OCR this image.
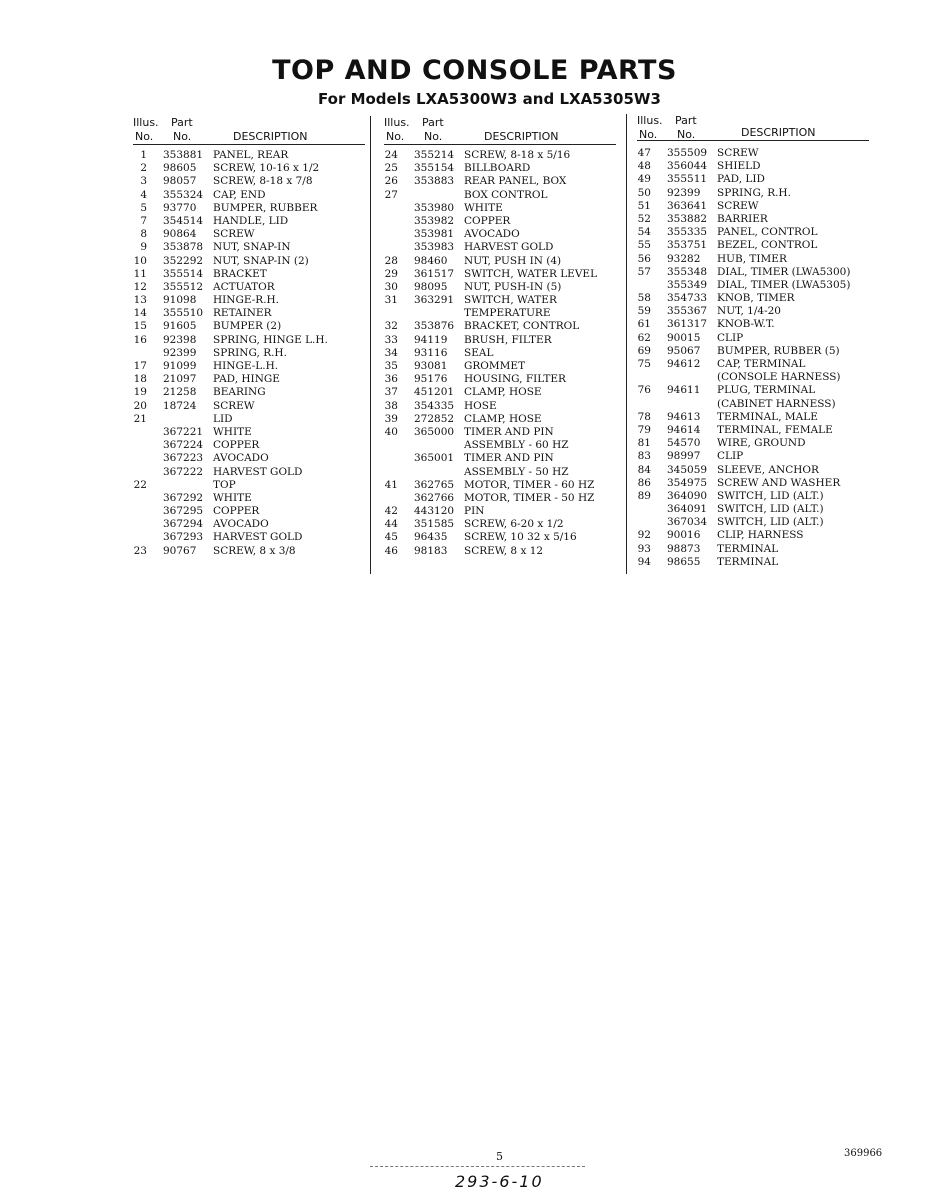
TOP AND CONSOLE PARTS
For Models LXA5300W3 and LXA5305W3
Illus. Part
No. No.	DESCRIPTION
1 353881 PANEL, REAR
2 98605 SCREW, 10-16 x 1/2
3 98057 SCREW, 8-18 x 7/8
4 355324 CAP, END
5 93770 BUMPER, RUBBER
7 354514 HANDLE, LID
8 90864 SCREW
9 353878 NUT, SNAP-IN
10 352292 NUT, SNAP-IN (2)
11 355514 BRACKET
12 355512 ACTUATOR
13 91098 HINGE-R.H.
14 355510 RETAINER
15 91605 BUMPER (2)
16 92398 SPRING, HINGE L.H.
92399 SPRING, R.H.
17 91099 HINGE-L.H.
18 21097 PAD, HINGE
19 21258 BEARING
20 18724 SCREW
21	LID
367221 WHITE
367224 COPPER
367223 AVOCADO
367222 HARVEST GOLD
22	TOP
367292 WHITE
367295 COPPER
367294 AVOCADO
367293 HARVEST GOLD
23 90767 SCREW, 8 x 3/8
Illus. Part
No. No.	DESCRIPTION
24 355214 SCREW, 8-18 x 5/16
25 355154 BILLBOARD
26 353883 REAR PANEL, BOX
27	BOX CONTROL
353980 WHITE
353982 COPPER
353981 AVOCADO
353983 HARVEST GOLD
28 98460 NUT, PUSH IN (4)
29 361517 SWITCH, WATER LEVEL
30 98095 NUT, PUSH-IN (5)
31 363291 SWITCH, WATER
TEMPERATURE
32 353876 BRACKET, CONTROL
33 94119 BRUSH, FILTER
34 93116 SEAL
35 93081 GROMMET
36 95176 HOUSING, FILTER
37 451201 CLAMP, HOSE
38 354335 HOSE
39 272852 CLAMP, HOSE
40 365000 TIMER AND PIN
ASSEMBLY - 60 HZ
365001 TIMER AND PIN
ASSEMBLY - 50 HZ
41 362765 MOTOR, TIMER - 60 HZ
362766 MOTOR, TIMER - 50 HZ
42 443120 PIN
44 351585 SCREW, 6-20 x 1/2
45 96435 SCREW, 10 32 x 5/16
46 98183 SCREW, 8 x 12
Illus. Part
No. No.	DESCRIPTION
47 355509 SCREW
48 356044 SHIELD
49 355511 PAD, LID
50 92399 SPRING, R.H.
51 363641 SCREW
52 353882 BARRIER
54 355335 PANEL, CONTROL
55 353751 BEZEL, CONTROL
56 93282 HUB, TIMER
57 355348 DIAL, TIMER (LWA5300)
355349 DIAL, TIMER (LWA5305)
58 354733 KNOB, TIMER
59 355367 NUT, 1/4-20
61 361317 KNOB-W.T.
62 90015 CLIP
69 95067 BUMPER, RUBBER (5)
75 94612 CAP, TERMINAL
(CONSOLE HARNESS)
76 94611 PLUG, TERMINAL
(CABINET HARNESS)
78 94613 TERMINAL, MALE
79 94614 TERMINAL, FEMALE
81 54570 WIRE, GROUND
83 98997 CLIP
84 345059 SLEEVE, ANCHOR
86 354975 SCREW AND WASHER
89 364090 SWITCH, LID (ALT.)
364091 SWITCH, LID (ALT.)
367034 SWITCH, LID (ALT.)
92 90016 CLIP, HARNESS
93 98873 TERMINAL
94 98655 TERMINAL
5	369966
293-6-10
